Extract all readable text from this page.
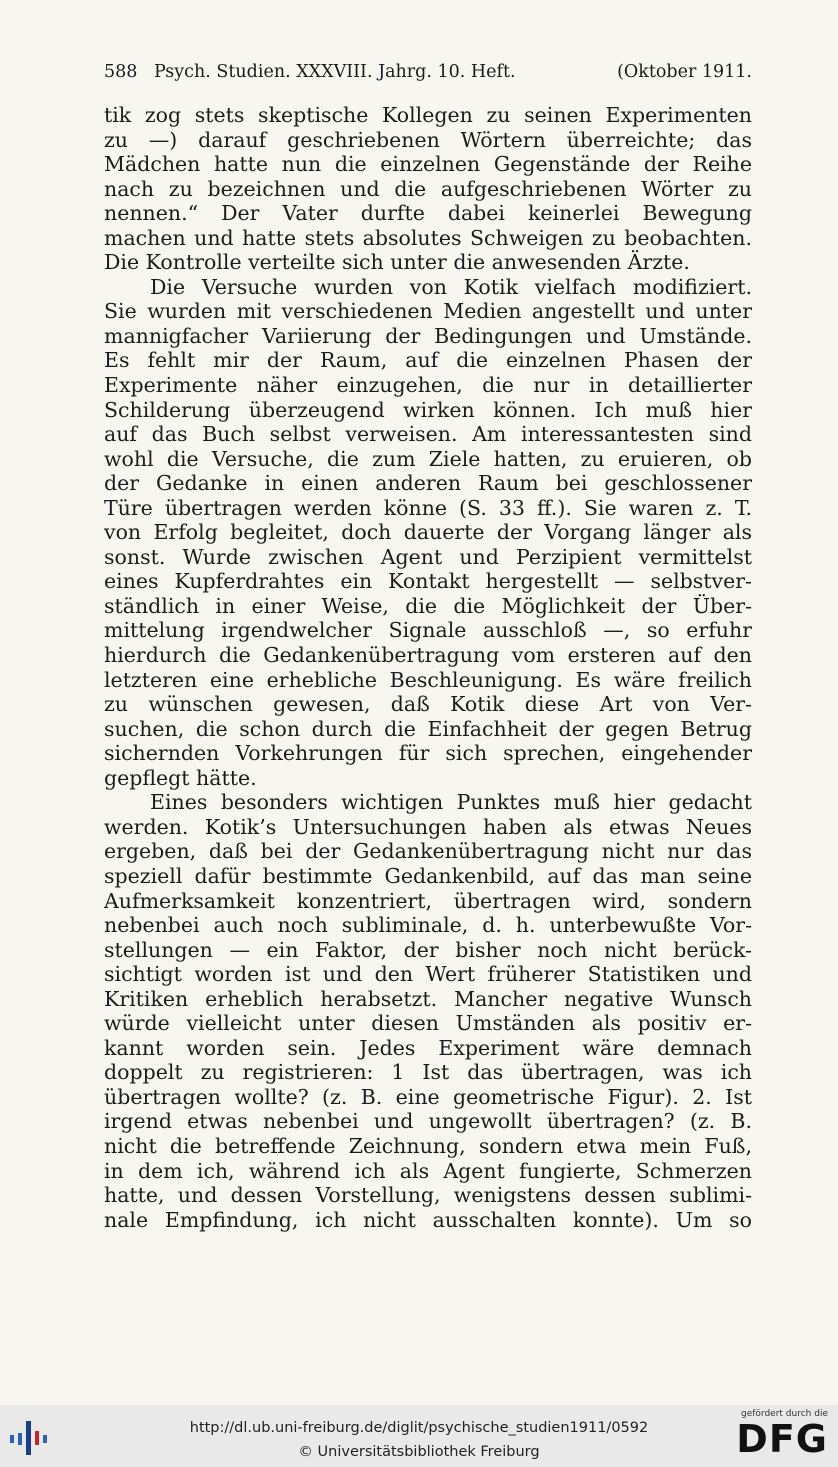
588 Psych. Studien. XXXVIII. Jahrg. 10. Heft.	(Oktober 1911.
tik zog stets skeptische Kollegen zu seinen Experimenten
zu —) darauf geschriebenen Wörtern überreichte; das
Mädchen hatte nun die einzelnen Gegenstände der Reihe
nach zu bezeichnen und die aufgeschriebenen Wörter zu
nennen.“ Der Vater durfte dabei keinerlei Bewegung
machen und hatte stets absolutes Schweigen zu beobachten.
Die Kontrolle verteilte sich unter die anwesenden Ärzte.
Die Versuche wurden von Kotik vielfach modifiziert.
Sie wurden mit verschiedenen Medien angestellt und unter
mannigfacher Variierung der Bedingungen und Umstände.
Es fehlt mir der Raum, auf die einzelnen Phasen der
Experimente näher einzugehen, die nur in detaillierter
Schilderung überzeugend wirken können. Ich muß hier
auf das Buch selbst verweisen. Am interessantesten sind
wohl die Versuche, die zum Ziele hatten, zu eruieren, ob
der Gedanke in einen anderen Raum bei geschlossener
Türe übertragen werden könne (S. 33 ff.). Sie waren z. T.
von Erfolg begleitet, doch dauerte der Vorgang länger als
sonst. Wurde zwischen Agent und Perzipient vermittelst
eines Kupferdrahtes ein Kontakt hergestellt — selbstver-
ständlich in einer Weise, die die Möglichkeit der Über-
mittelung irgendwelcher Signale ausschloß —, so erfuhr
hierdurch die Gedankenübertragung vom ersteren auf den
letzteren eine erhebliche Beschleunigung. Es wäre freilich
zu wünschen gewesen, daß Kotik diese Art von Ver-
suchen, die schon durch die Einfachheit der gegen Betrug
sichernden Vorkehrungen für sich sprechen, eingehender
gepflegt hätte.
Eines besonders wichtigen Punktes muß hier gedacht
werden. Kotik’s Untersuchungen haben als etwas Neues
ergeben, daß bei der Gedankenübertragung nicht nur das
speziell dafür bestimmte Gedankenbild, auf das man seine
Aufmerksamkeit konzentriert, übertragen wird, sondern
nebenbei auch noch subliminale, d. h. unterbewußte Vor-
stellungen — ein Faktor, der bisher noch nicht berück-
sichtigt worden ist und den Wert früherer Statistiken und
Kritiken erheblich herabsetzt. Mancher negative Wunsch
würde vielleicht unter diesen Umständen als positiv er-
kannt worden sein. Jedes Experiment wäre demnach
doppelt zu registrieren: 1 Ist das übertragen, was ich
übertragen wollte? (z. B. eine geometrische Figur). 2. Ist
irgend etwas nebenbei und ungewollt übertragen? (z. B.
nicht die betreffende Zeichnung, sondern etwa mein Fuß,
in dem ich, während ich als Agent fungierte, Schmerzen
hatte, und dessen Vorstellung, wenigstens dessen sublimi-
nale Empfindung, ich nicht ausschalten konnte). Um so
http://dl.ub.uni-freiburg.de/diglit/psychische_studien1911/0592
© Universitätsbibliothek Freiburg
gefördert durch die
DFG
